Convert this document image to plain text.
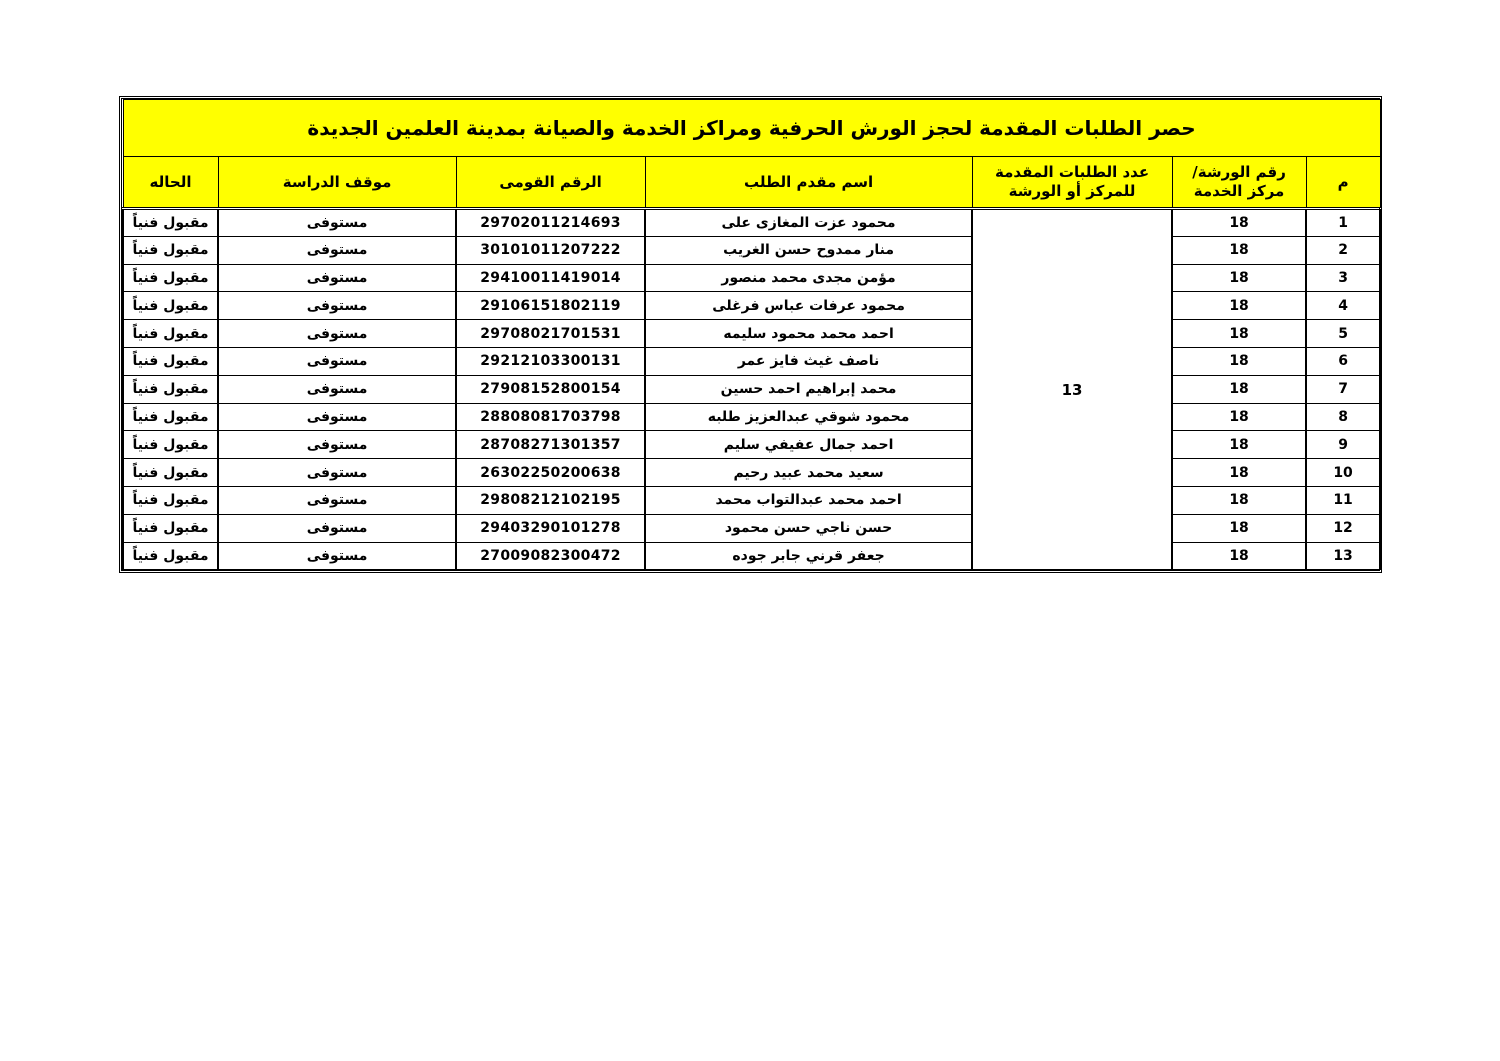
حصر الطلبات المقدمة لحجز الورش الحرفية ومراكز الخدمة والصيانة بمدينة العلمين الجديدة						
م	رقم الورشة/ مركز الخدمة	عدد الطلبات المقدمة للمركز أو الورشة	اسم مقدم الطلب	الرقم القومى	موقف الدراسة	الحاله
1	18	13	محمود عزت المغازى على	29702011214693	مستوفى	مقبول فنياً
2	18		منار ممدوح حسن الغريب	30101011207222	مستوفى	مقبول فنياً
3	18		مؤمن مجدى محمد منصور	29410011419014	مستوفى	مقبول فنياً
4	18		محمود عرفات عباس فرغلى	29106151802119	مستوفى	مقبول فنياً
5	18		احمد محمد محمود سليمه	29708021701531	مستوفى	مقبول فنياً
6	18		ناصف غيث فايز عمر	29212103300131	مستوفى	مقبول فنياً
7	18		محمد إبراهيم احمد حسين	27908152800154	مستوفى	مقبول فنياً
8	18		محمود شوقي عبدالعزيز طلبه	28808081703798	مستوفى	مقبول فنياً
9	18		احمد جمال عفيفي سليم	28708271301357	مستوفى	مقبول فنياً
10	18		سعيد محمد عبيد رحيم	26302250200638	مستوفى	مقبول فنياً
11	18		احمد محمد عبدالتواب محمد	29808212102195	مستوفى	مقبول فنياً
12	18		حسن ناجي حسن محمود	29403290101278	مستوفى	مقبول فنياً
13	18		جعفر قرني جابر جوده	27009082300472	مستوفى	مقبول فنياً
